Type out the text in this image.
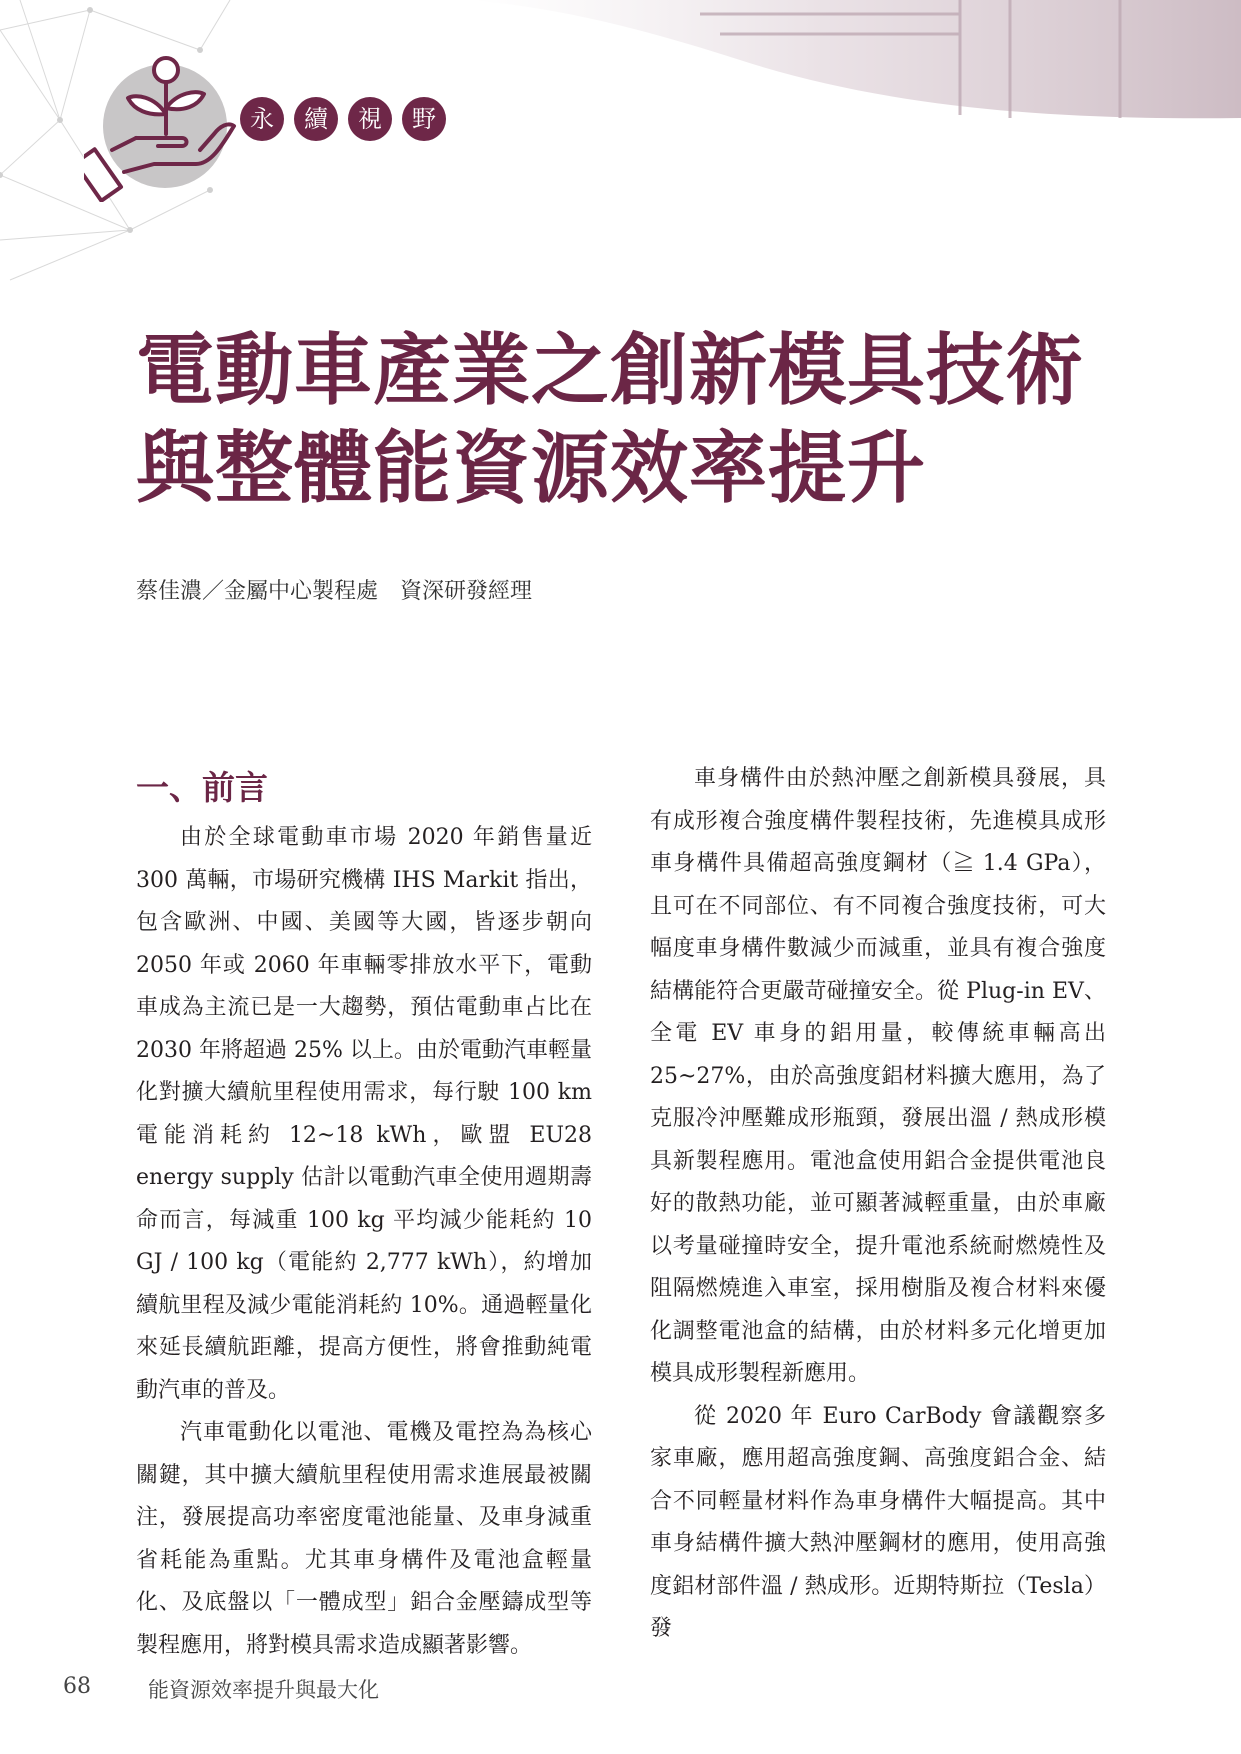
永	續	視	野
電動車產業之創新模具技術
與整體能資源效率提升
蔡佳濃／金屬中心製程處　資深研發經理
一、前言

由於全球電動車市場 2020 年銷售量近 300 萬輛，市場研究機構 IHS Markit 指出，包含歐洲、中國、美國等大國，皆逐步朝向 2050 年或 2060 年車輛零排放水平下，電動車成為主流已是一大趨勢，預估電動車占比在 2030 年將超過 25% 以上。由於電動汽車輕量化對擴大續航里程使用需求，每行駛 100 km 電能消耗約 12~18 kWh，歐盟 EU28 energy supply 估計以電動汽車全使用週期壽命而言，每減重 100 kg 平均減少能耗約 10 GJ / 100 kg（電能約 2,777 kWh），約增加續航里程及減少電能消耗約 10%。通過輕量化來延長續航距離，提高方便性，將會推動純電動汽車的普及。

汽車電動化以電池、電機及電控為為核心關鍵，其中擴大續航里程使用需求進展最被關注，發展提高功率密度電池能量、及車身減重省耗能為重點。尤其車身構件及電池盒輕量化、及底盤以「一體成型」鋁合金壓鑄成型等製程應用，將對模具需求造成顯著影響。

車身構件由於熱沖壓之創新模具發展，具有成形複合強度構件製程技術，先進模具成形車身構件具備超高強度鋼材（≧ 1.4 GPa），且可在不同部位、有不同複合強度技術，可大幅度車身構件數減少而減重，並具有複合強度結構能符合更嚴苛碰撞安全。從 Plug-in EV、全電 EV 車身的鋁用量，較傳統車輛高出 25~27%，由於高強度鋁材料擴大應用，為了克服冷沖壓難成形瓶頸，發展出溫 / 熱成形模具新製程應用。電池盒使用鋁合金提供電池良好的散熱功能，並可顯著減輕重量，由於車廠以考量碰撞時安全，提升電池系統耐燃燒性及阻隔燃燒進入車室，採用樹脂及複合材料來優化調整電池盒的結構，由於材料多元化增更加模具成形製程新應用。

從 2020 年 Euro CarBody 會議觀察多家車廠，應用超高強度鋼、高強度鋁合金、結合不同輕量材料作為車身構件大幅提高。其中車身結構件擴大熱沖壓鋼材的應用，使用高強度鋁材部件溫 / 熱成形。近期特斯拉（Tesla）發

68	能資源效率提升與最大化
